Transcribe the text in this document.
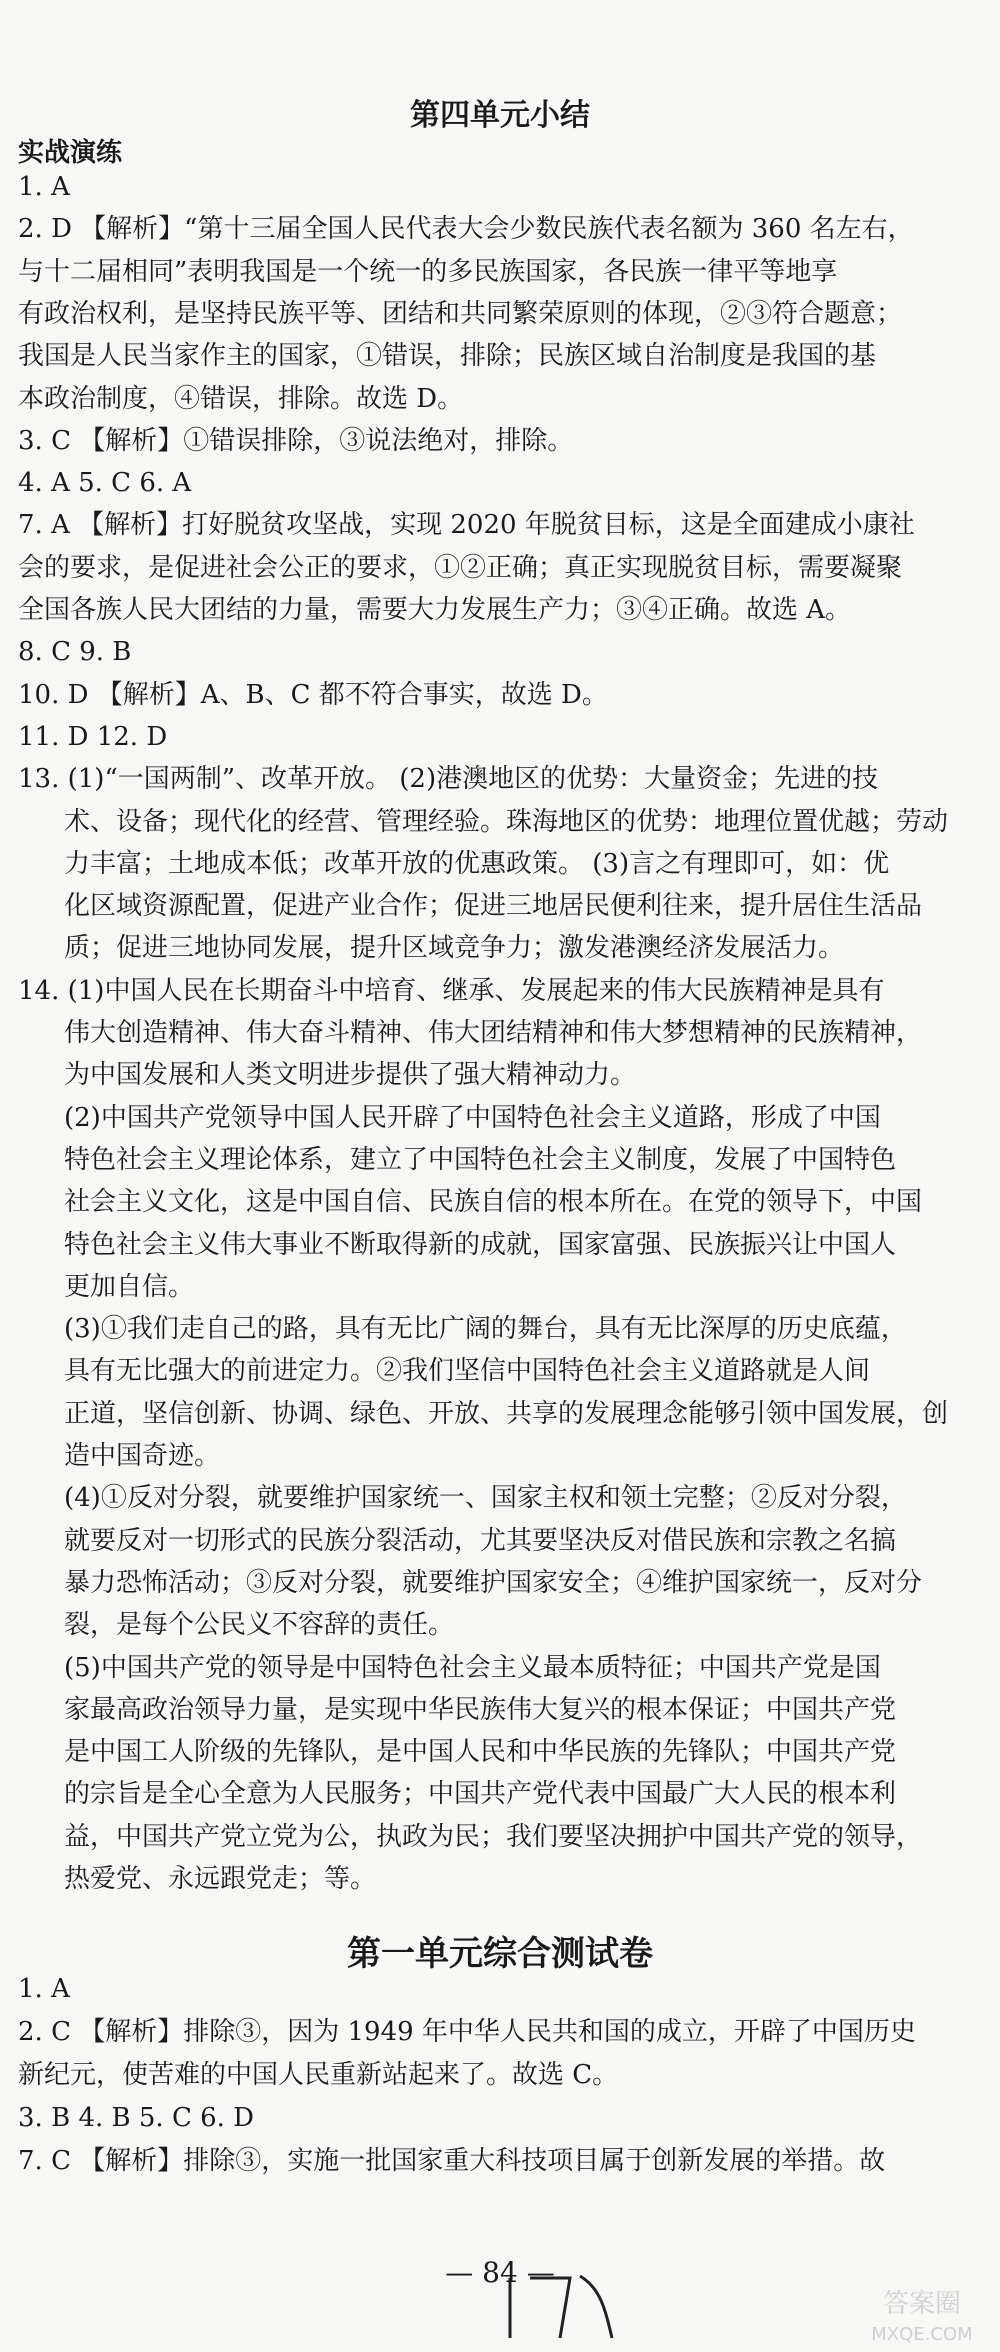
第四单元小结
实战演练
1. A
2. D 【解析】“第十三届全国人民代表大会少数民族代表名额为 360 名左右，
与十二届相同”表明我国是一个统一的多民族国家，各民族一律平等地享
有政治权利，是坚持民族平等、团结和共同繁荣原则的体现，②③符合题意；
我国是人民当家作主的国家，①错误，排除；民族区域自治制度是我国的基
本政治制度，④错误，排除。故选 D。
3. C 【解析】①错误排除，③说法绝对，排除。
4. A 5. C 6. A
7. A 【解析】打好脱贫攻坚战，实现 2020 年脱贫目标，这是全面建成小康社
会的要求，是促进社会公正的要求，①②正确；真正实现脱贫目标，需要凝聚
全国各族人民大团结的力量，需要大力发展生产力；③④正确。故选 A。
8. C 9. B
10. D 【解析】A、B、C 都不符合事实，故选 D。
11. D 12. D
13. (1)“一国两制”、改革开放。 (2)港澳地区的优势：大量资金；先进的技
术、设备；现代化的经营、管理经验。珠海地区的优势：地理位置优越；劳动
力丰富；土地成本低；改革开放的优惠政策。 (3)言之有理即可，如：优
化区域资源配置，促进产业合作；促进三地居民便利往来，提升居住生活品
质；促进三地协同发展，提升区域竞争力；激发港澳经济发展活力。
14. (1)中国人民在长期奋斗中培育、继承、发展起来的伟大民族精神是具有
伟大创造精神、伟大奋斗精神、伟大团结精神和伟大梦想精神的民族精神，
为中国发展和人类文明进步提供了强大精神动力。
(2)中国共产党领导中国人民开辟了中国特色社会主义道路，形成了中国
特色社会主义理论体系，建立了中国特色社会主义制度，发展了中国特色
社会主义文化，这是中国自信、民族自信的根本所在。在党的领导下，中国
特色社会主义伟大事业不断取得新的成就，国家富强、民族振兴让中国人
更加自信。
(3)①我们走自己的路，具有无比广阔的舞台，具有无比深厚的历史底蕴，
具有无比强大的前进定力。②我们坚信中国特色社会主义道路就是人间
正道，坚信创新、协调、绿色、开放、共享的发展理念能够引领中国发展，创
造中国奇迹。
(4)①反对分裂，就要维护国家统一、国家主权和领土完整；②反对分裂，
就要反对一切形式的民族分裂活动，尤其要坚决反对借民族和宗教之名搞
暴力恐怖活动；③反对分裂，就要维护国家安全；④维护国家统一，反对分
裂，是每个公民义不容辞的责任。
(5)中国共产党的领导是中国特色社会主义最本质特征；中国共产党是国
家最高政治领导力量，是实现中华民族伟大复兴的根本保证；中国共产党
是中国工人阶级的先锋队，是中国人民和中华民族的先锋队；中国共产党
的宗旨是全心全意为人民服务；中国共产党代表中国最广大人民的根本利
益，中国共产党立党为公，执政为民；我们要坚决拥护中国共产党的领导，
热爱党、永远跟党走；等。
第一单元综合测试卷
1. A
2. C 【解析】排除③，因为 1949 年中华人民共和国的成立，开辟了中国历史
新纪元，使苦难的中国人民重新站起来了。故选 C。
3. B 4. B 5. C 6. D
7. C 【解析】排除③，实施一批国家重大科技项目属于创新发展的举措。故
— 84 —
答案圈
MXQE.COM
